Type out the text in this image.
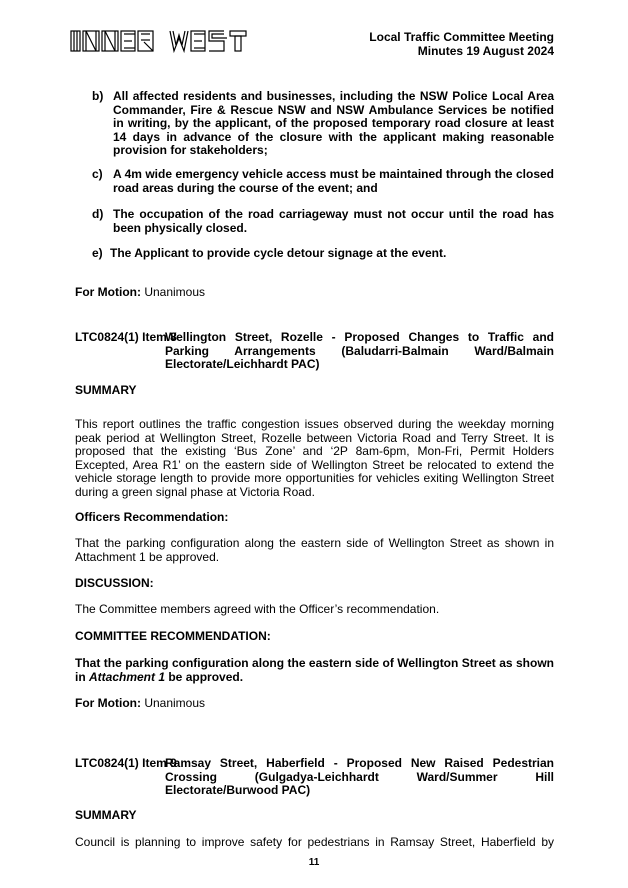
Local Traffic Committee Meeting
Minutes 19 August 2024
b) All affected residents and businesses, including the NSW Police Local Area Commander, Fire & Rescue NSW and NSW Ambulance Services be notified in writing, by the applicant, of the proposed temporary road closure at least 14 days in advance of the closure with the applicant making reasonable provision for stakeholders;
c) A 4m wide emergency vehicle access must be maintained through the closed road areas during the course of the event; and
d) The occupation of the road carriageway must not occur until the road has been physically closed.
e) The Applicant to provide cycle detour signage at the event.
For Motion: Unanimous
LTC0824(1) Item 8
Wellington Street, Rozelle - Proposed Changes to Traffic and Parking Arrangements (Baludarri-Balmain Ward/Balmain Electorate/Leichhardt PAC)
SUMMARY
This report outlines the traffic congestion issues observed during the weekday morning peak period at Wellington Street, Rozelle between Victoria Road and Terry Street. It is proposed that the existing ‘Bus Zone’ and ‘2P 8am-6pm, Mon-Fri, Permit Holders Excepted, Area R1’ on the eastern side of Wellington Street be relocated to extend the vehicle storage length to provide more opportunities for vehicles exiting Wellington Street during a green signal phase at Victoria Road.
Officers Recommendation:
That the parking configuration along the eastern side of Wellington Street as shown in Attachment 1 be approved.
DISCUSSION:
The Committee members agreed with the Officer’s recommendation.
COMMITTEE RECOMMENDATION:
That the parking configuration along the eastern side of Wellington Street as shown in Attachment 1 be approved.
For Motion: Unanimous
LTC0824(1) Item 9
Ramsay Street, Haberfield - Proposed New Raised Pedestrian Crossing (Gulgadya-Leichhardt Ward/Summer Hill Electorate/Burwood PAC)
SUMMARY
Council is planning to improve safety for pedestrians in Ramsay Street, Haberfield by
11
